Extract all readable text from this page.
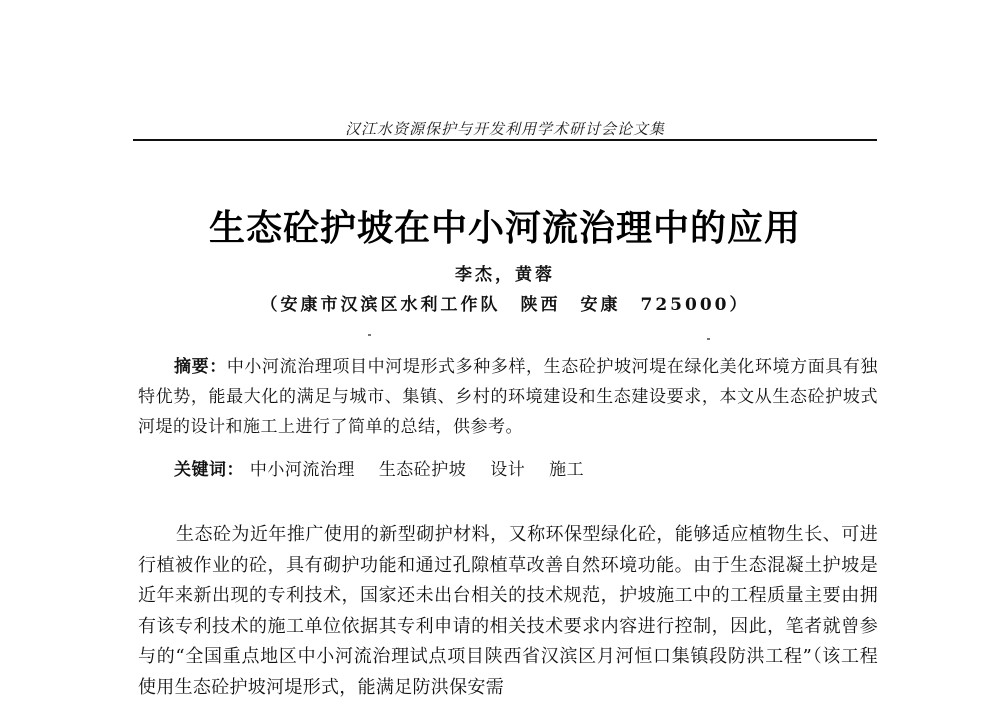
汉江水资源保护与开发利用学术研讨会论文集
生态砼护坡在中小河流治理中的应用
李杰，黄蓉
（安康市汉滨区水利工作队　陕西　安康　725000）
摘要：中小河流治理项目中河堤形式多种多样，生态砼护坡河堤在绿化美化环境方面具有独特优势，能最大化的满足与城市、集镇、乡村的环境建设和生态建设要求，本文从生态砼护坡式河堤的设计和施工上进行了简单的总结，供参考。
关键词： 中小河流治理 生态砼护坡 设计 施工
生态砼为近年推广使用的新型砌护材料，又称环保型绿化砼，能够适应植物生长、可进行植被作业的砼，具有砌护功能和通过孔隙植草改善自然环境功能。由于生态混凝土护坡是近年来新出现的专利技术，国家还未出台相关的技术规范，护坡施工中的工程质量主要由拥有该专利技术的施工单位依据其专利申请的相关技术要求内容进行控制，因此，笔者就曾参与的“全国重点地区中小河流治理试点项目陕西省汉滨区月河恒口集镇段防洪工程”（该工程使用生态砼护坡河堤形式，能满足防洪保安需
